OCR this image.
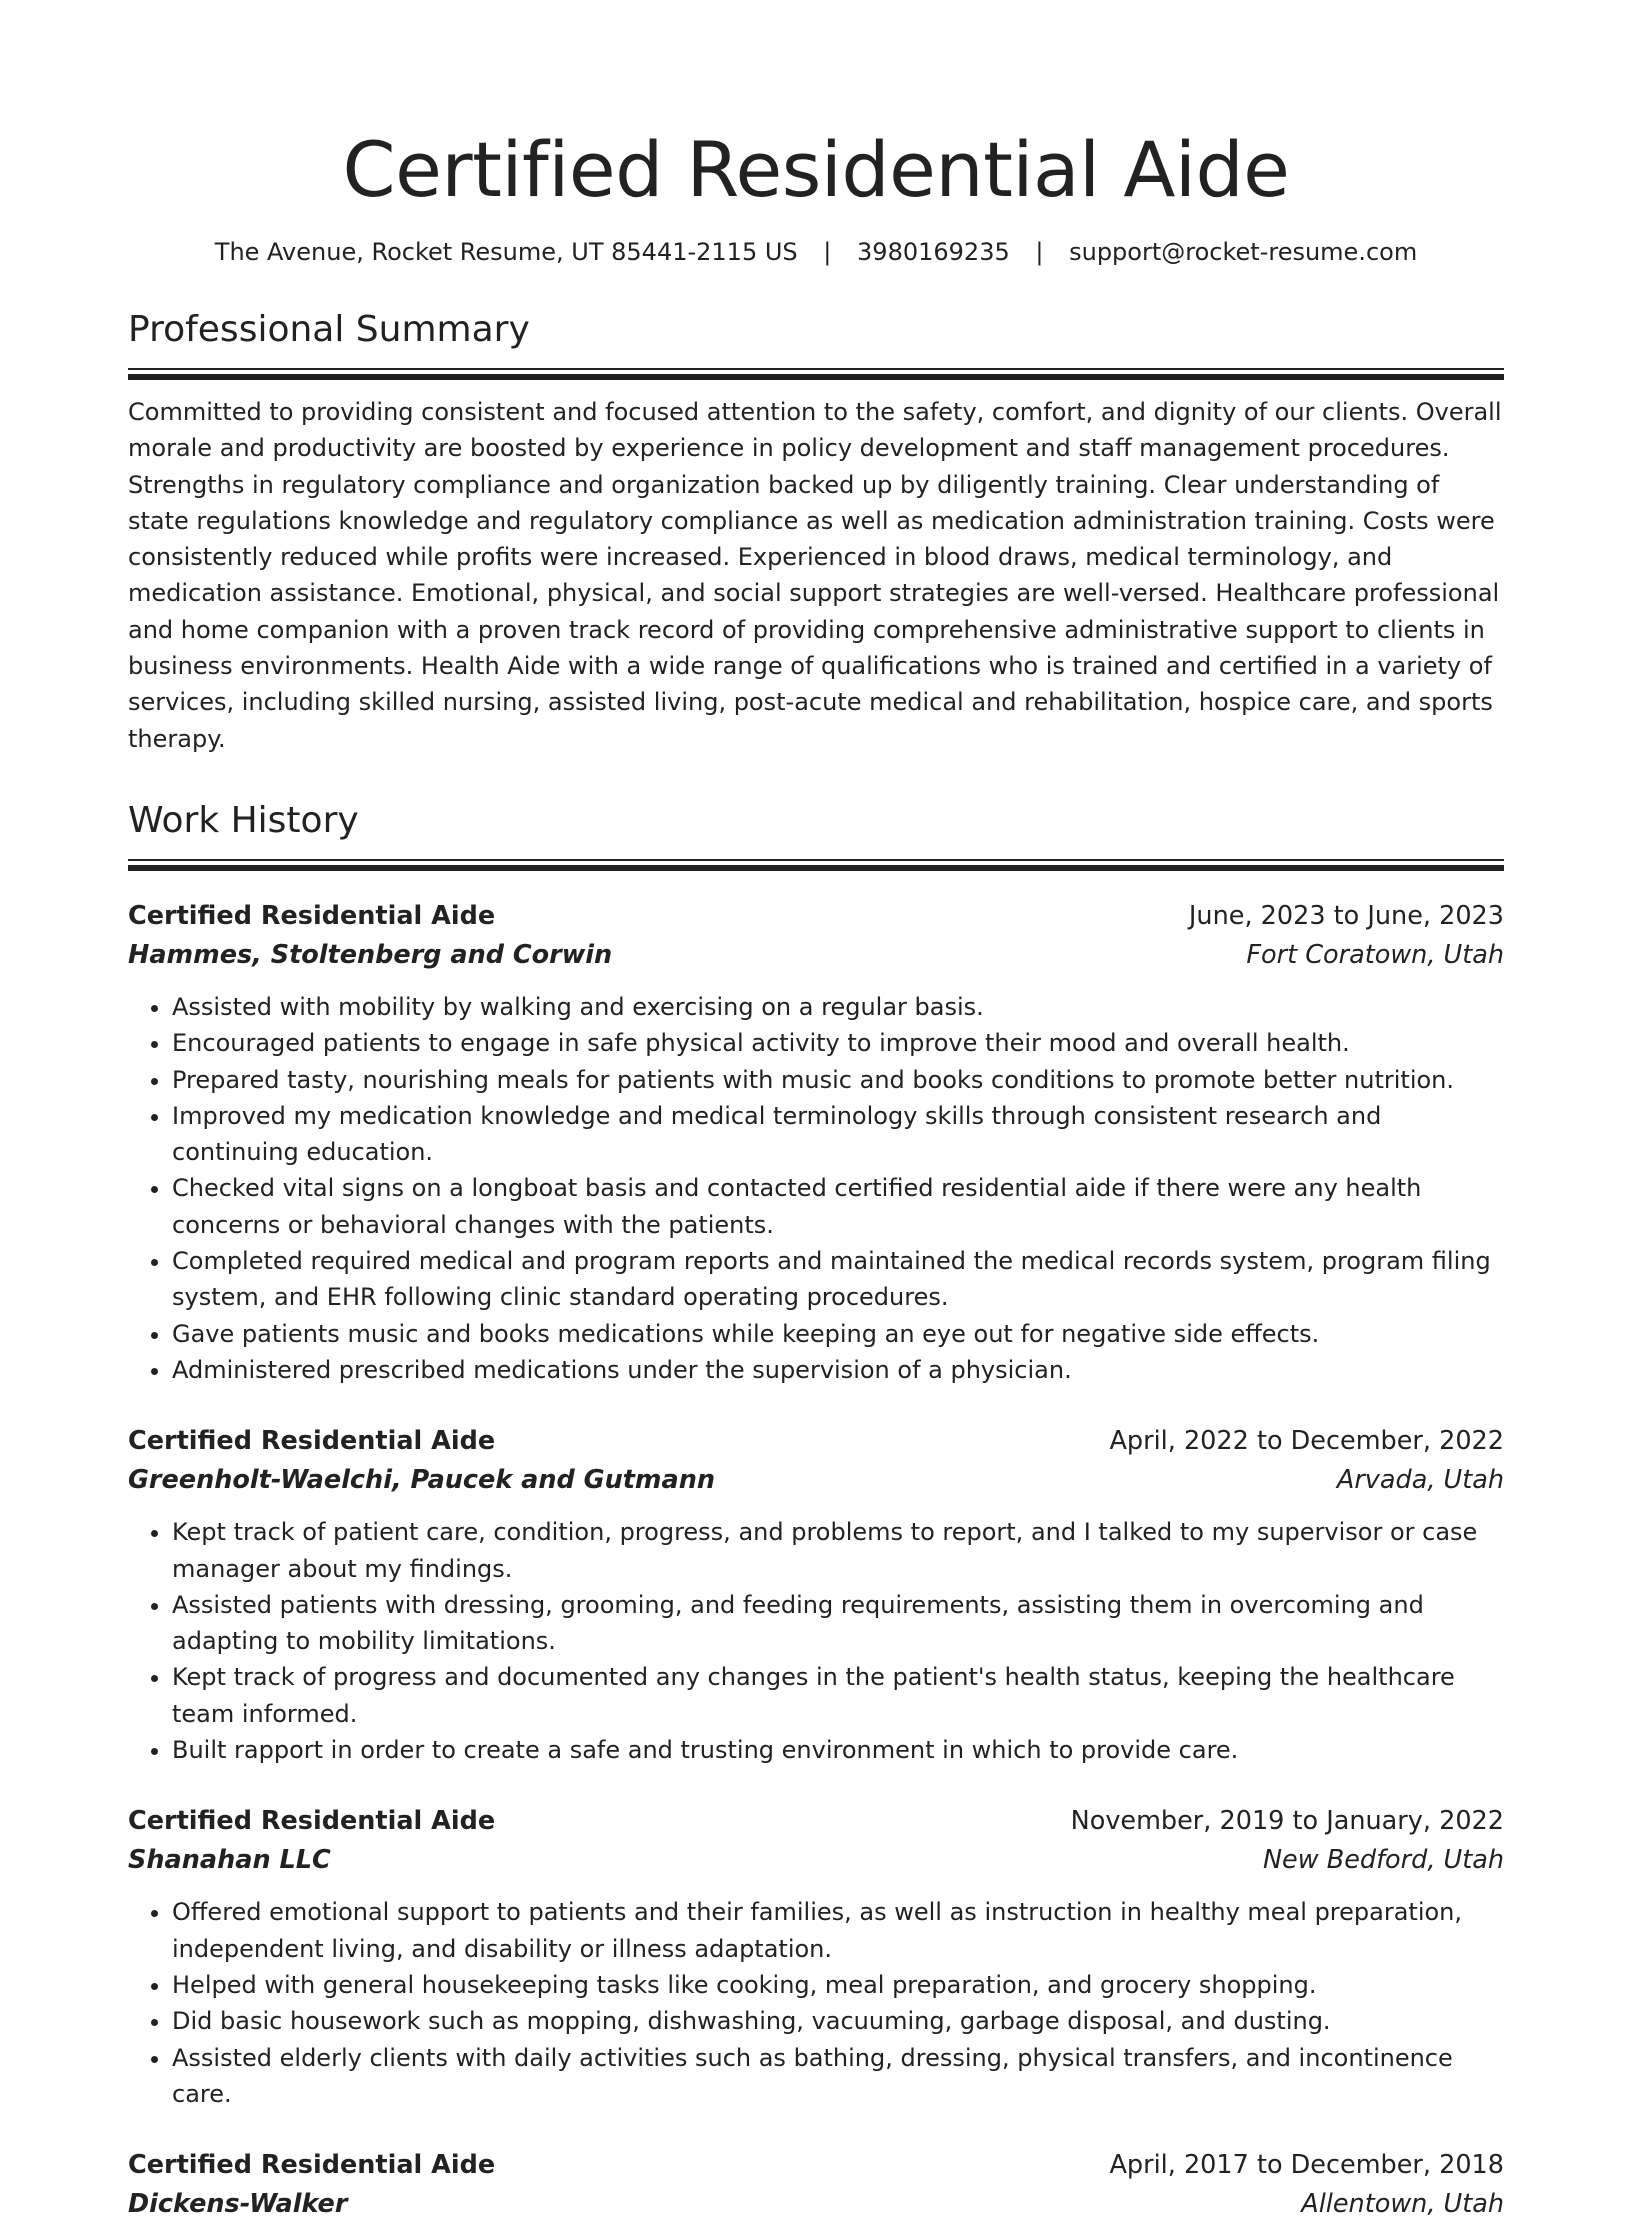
Certified Residential Aide
The Avenue, Rocket Resume, UT 85441-2115 US | 3980169235 | support@rocket-resume.com
Professional Summary

Committed to providing consistent and focused attention to the safety, comfort, and dignity of our clients. Overall morale and productivity are boosted by experience in policy development and staff management procedures. Strengths in regulatory compliance and organization backed up by diligently training. Clear understanding of state regulations knowledge and regulatory compliance as well as medication administration training. Costs were consistently reduced while profits were increased. Experienced in blood draws, medical terminology, and medication assistance. Emotional, physical, and social support strategies are well-versed. Healthcare professional and home companion with a proven track record of providing comprehensive administrative support to clients in business environments. Health Aide with a wide range of qualifications who is trained and certified in a variety of services, including skilled nursing, assisted living, post-acute medical and rehabilitation, hospice care, and sports therapy.

Work History
Certified Residential Aide	June, 2023 to June, 2023
Hammes, Stoltenberg and Corwin	Fort Coratown, Utah
• Assisted with mobility by walking and exercising on a regular basis.
• Encouraged patients to engage in safe physical activity to improve their mood and overall health.
• Prepared tasty, nourishing meals for patients with music and books conditions to promote better nutrition.
• Improved my medication knowledge and medical terminology skills through consistent research and continuing education.
• Checked vital signs on a longboat basis and contacted certified residential aide if there were any health concerns or behavioral changes with the patients.
• Completed required medical and program reports and maintained the medical records system, program filing system, and EHR following clinic standard operating procedures.
• Gave patients music and books medications while keeping an eye out for negative side effects.
• Administered prescribed medications under the supervision of a physician.
Certified Residential Aide	April, 2022 to December, 2022
Greenholt-Waelchi, Paucek and Gutmann	Arvada, Utah
• Kept track of patient care, condition, progress, and problems to report, and I talked to my supervisor or case manager about my findings.
• Assisted patients with dressing, grooming, and feeding requirements, assisting them in overcoming and adapting to mobility limitations.
• Kept track of progress and documented any changes in the patient's health status, keeping the healthcare team informed.
• Built rapport in order to create a safe and trusting environment in which to provide care.
Certified Residential Aide	November, 2019 to January, 2022
Shanahan LLC	New Bedford, Utah
• Offered emotional support to patients and their families, as well as instruction in healthy meal preparation, independent living, and disability or illness adaptation.
• Helped with general housekeeping tasks like cooking, meal preparation, and grocery shopping.
• Did basic housework such as mopping, dishwashing, vacuuming, garbage disposal, and dusting.
• Assisted elderly clients with daily activities such as bathing, dressing, physical transfers, and incontinence care.
Certified Residential Aide	April, 2017 to December, 2018
Dickens-Walker	Allentown, Utah
